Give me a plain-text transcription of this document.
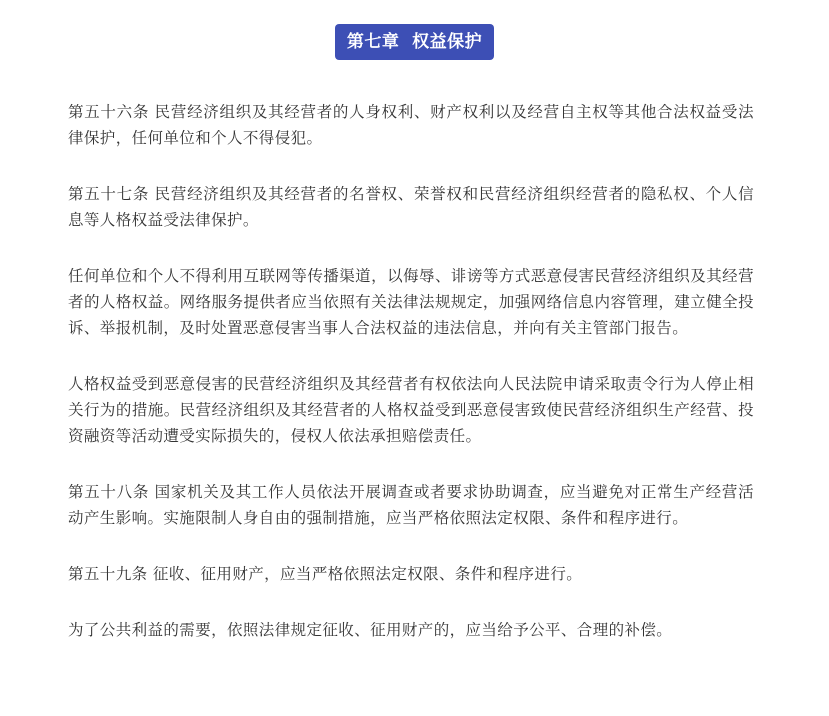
第七章  权益保护

第五十六条 民营经济组织及其经营者的人身权利、财产权利以及经营自主权等其他合法权益受法律保护，任何单位和个人不得侵犯。

第五十七条 民营经济组织及其经营者的名誉权、荣誉权和民营经济组织经营者的隐私权、个人信息等人格权益受法律保护。

任何单位和个人不得利用互联网等传播渠道，以侮辱、诽谤等方式恶意侵害民营经济组织及其经营者的人格权益。网络服务提供者应当依照有关法律法规规定，加强网络信息内容管理，建立健全投诉、举报机制，及时处置恶意侵害当事人合法权益的违法信息，并向有关主管部门报告。

人格权益受到恶意侵害的民营经济组织及其经营者有权依法向人民法院申请采取责令行为人停止相关行为的措施。民营经济组织及其经营者的人格权益受到恶意侵害致使民营经济组织生产经营、投资融资等活动遭受实际损失的，侵权人依法承担赔偿责任。

第五十八条 国家机关及其工作人员依法开展调查或者要求协助调查，应当避免对正常生产经营活动产生影响。实施限制人身自由的强制措施，应当严格依照法定权限、条件和程序进行。

第五十九条 征收、征用财产，应当严格依照法定权限、条件和程序进行。

为了公共利益的需要，依照法律规定征收、征用财产的，应当给予公平、合理的补偿。
